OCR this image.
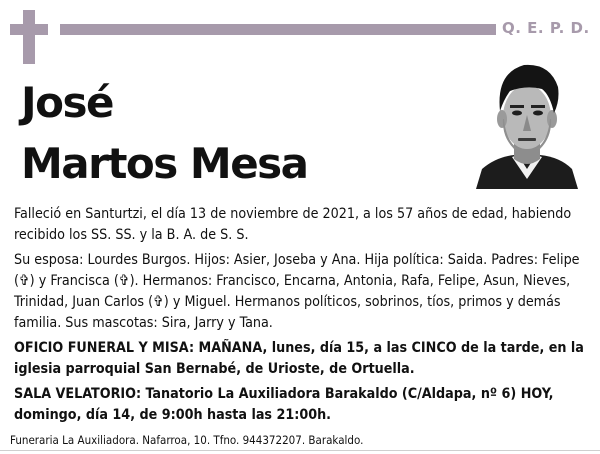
Q. E. P. D.
José
Martos Mesa

Falleció en Santurtzi, el día 13 de noviembre de 2021, a los 57 años de edad, habiendo recibido los SS. SS. y la B. A. de S. S.

Su esposa: Lourdes Burgos. Hijos: Asier, Joseba y Ana. Hija política: Saida. Padres: Felipe (✞) y Francisca (✞). Hermanos: Francisco, Encarna, Antonia, Rafa, Felipe, Asun, Nieves, Trinidad, Juan Carlos (✞) y Miguel. Hermanos políticos, sobrinos, tíos, primos y demás familia. Sus mascotas: Sira, Jarry y Tana.

OFICIO FUNERAL Y MISA: MAÑANA, lunes, día 15, a las CINCO de la tarde, en la iglesia parroquial San Bernabé, de Urioste, de Ortuella.

SALA VELATORIO: Tanatorio La Auxiliadora Barakaldo (C/Aldapa, nº 6) HOY, domingo, día 14, de 9:00h hasta las 21:00h.

Funeraria La Auxiliadora. Nafarroa, 10. Tfno. 944372207. Barakaldo.
